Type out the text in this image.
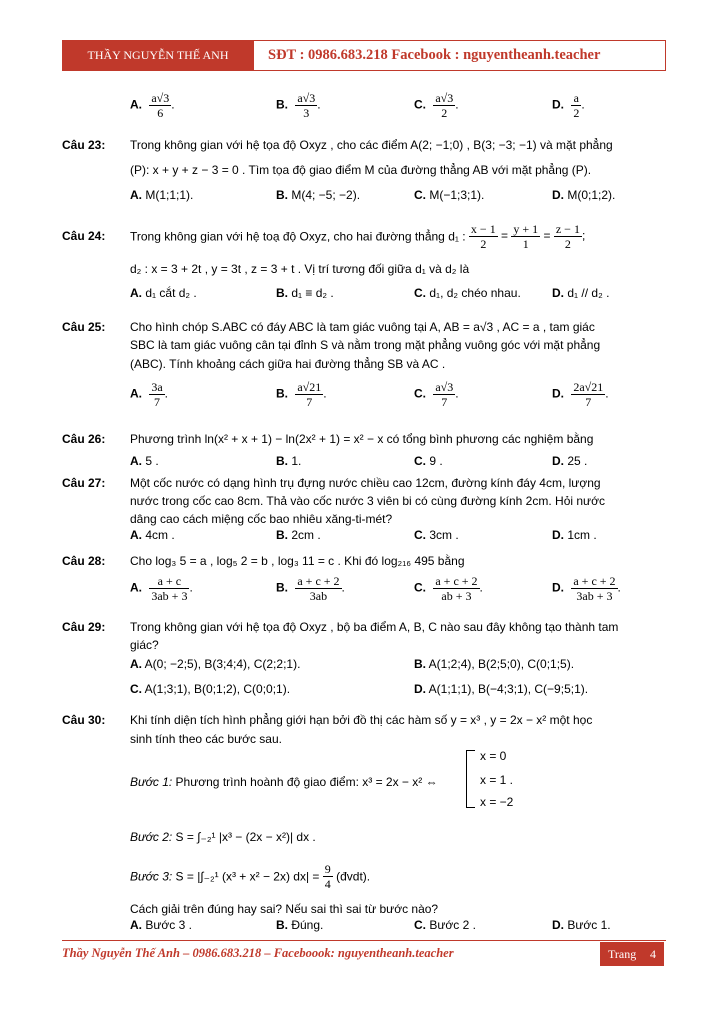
THẦY NGUYỄN THẾ ANH	SĐT : 0986.683.218 Facebook : nguyentheanh.teacher
A. $\frac{a√3}{6}$ .	B. $\frac{a√3}{3}$ .	C. $\frac{a√3}{2}$ .	D. $\frac{a}{2}$ .
Câu 23: Trong không gian với hệ tọa độ Oxyz , cho các điểm A(2; −1;0) , B(3; −3; −1) và mặt phẳng
(P): x + y + z − 3 = 0 . Tìm tọa độ giao điểm M của đường thẳng AB với mặt phẳng (P).
A. M(1;1;1).	B. M(4; −5; −2).	C. M(−1;3;1).	D. M(0;1;2).
Câu 24: Trong không gian với hệ toạ độ Oxyz, cho hai đường thẳng d₁ : $\frac{x - 1}{2} = \frac{y + 1}{1} = \frac{z - 1}{2}$ ;
d₂ : x = 3 + 2t , y = 3t , z = 3 + t . Vị trí tương đối giữa d₁ và d₂ là
A. d₁ cắt d₂ .	B. d₁ ≡ d₂ .	C. d₁, d₂ chéo nhau.	D. d₁ // d₂ .
Câu 25: Cho hình chóp S.ABC có đáy ABC là tam giác vuông tại A, AB = a√3 , AC = a , tam giác
SBC là tam giác vuông cân tại đỉnh S và nằm trong mặt phẳng vuông góc với mặt phẳng
(ABC). Tính khoảng cách giữa hai đường thẳng SB và AC .
A. $\frac{3a}{7}$ .	B. $\frac{a√21}{7}$ .	C. $\frac{a√3}{7}$ .	D. $\frac{2a√21}{7}$ .
Câu 26: Phương trình ln(x² + x + 1) − ln(2x² + 1) = x² − x có tổng bình phương các nghiệm bằng
A. 5 .	B. 1.	C. 9 .	D. 25 .
Câu 27: Một cốc nước có dạng hình trụ đựng nước chiều cao 12cm, đường kính đáy 4cm, lượng
nước trong cốc cao 8cm. Thả vào cốc nước 3 viên bi có cùng đường kính 2cm. Hỏi nước
dâng cao cách miệng cốc bao nhiêu xăng-ti-mét?
A. 4cm .	B. 2cm .	C. 3cm .	D. 1cm .
Câu 28: Cho log₃ 5 = a , log₅ 2 = b , log₃ 11 = c . Khi đó log₂₁₆ 495 bằng
A. $\frac{a + c}{3ab + 3}$ .	B. $\frac{a + c + 2}{3ab}$ .	C. $\frac{a + c + 2}{ab + 3}$ .	D. $\frac{a + c + 2}{3ab + 3}$ .
Câu 29: Trong không gian với hệ tọa độ Oxyz , bộ ba điểm A, B, C nào sau đây không tạo thành tam
giác?
A. A(0; −2;5), B(3;4;4), C(2;2;1).	B. A(1;2;4), B(2;5;0), C(0;1;5).
C. A(1;3;1), B(0;1;2), C(0;0;1).	D. A(1;1;1), B(−4;3;1), C(−9;5;1).
Câu 30: Khi tính diện tích hình phẳng giới hạn bởi đồ thị các hàm số y = x³ , y = 2x − x² một học
sinh tính theo các bước sau.
Bước 1: Phương trình hoành độ giao điểm: x³ = 2x − x² ⇔
x = 0
x = 1 .
x = −2
Bước 2: S = ∫₋₂¹ |x³ − (2x − x²)| dx .
Bước 3: S = |∫₋₂¹ (x³ + x² − 2x) $dx| = \frac{9}{4}$ (đvdt).
Cách giải trên đúng hay sai? Nếu sai thì sai từ bước nào?
A. Bước 3 .	B. Đúng.	C. Bước 2 .	D. Bước 1.
Thầy Nguyễn Thế Anh – 0986.683.218 – Faceboook: nguyentheanh.teacher	Trang 4
